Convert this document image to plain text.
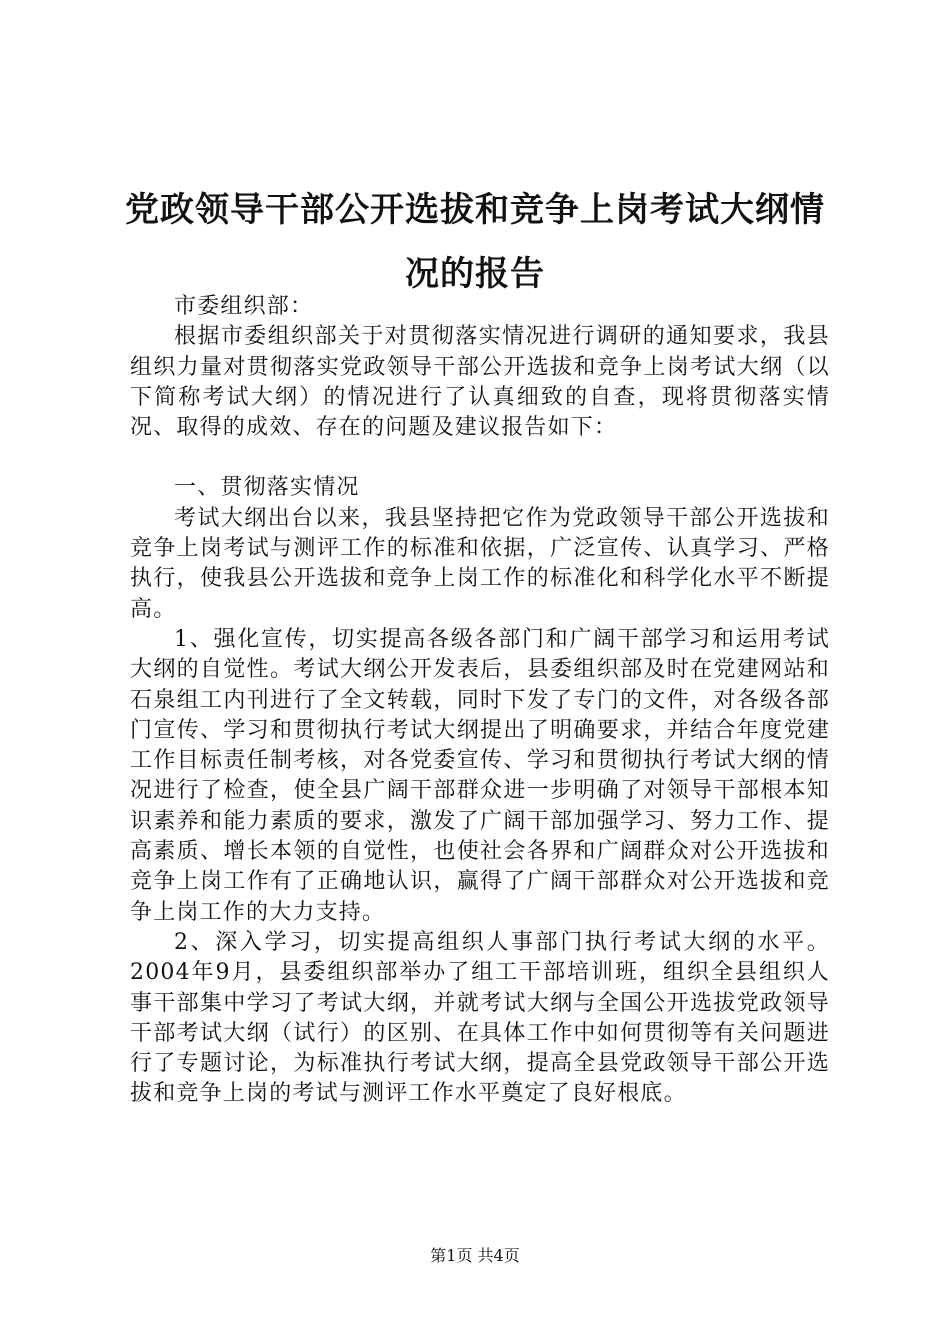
党政领导干部公开选拔和竞争上岗考试大纲情
况的报告

市委组织部：

根据市委组织部关于对贯彻落实情况进行调研的通知要求，我县组织力量对贯彻落实党政领导干部公开选拔和竞争上岗考试大纲（以下简称考试大纲）的情况进行了认真细致的自查，现将贯彻落实情况、取得的成效、存在的问题及建议报告如下：

一、贯彻落实情况

考试大纲出台以来，我县坚持把它作为党政领导干部公开选拔和竞争上岗考试与测评工作的标准和依据，广泛宣传、认真学习、严格执行，使我县公开选拔和竞争上岗工作的标准化和科学化水平不断提高。

1、强化宣传，切实提高各级各部门和广阔干部学习和运用考试大纲的自觉性。考试大纲公开发表后，县委组织部及时在党建网站和石泉组工内刊进行了全文转载，同时下发了专门的文件，对各级各部门宣传、学习和贯彻执行考试大纲提出了明确要求，并结合年度党建工作目标责任制考核，对各党委宣传、学习和贯彻执行考试大纲的情况进行了检查，使全县广阔干部群众进一步明确了对领导干部根本知识素养和能力素质的要求，激发了广阔干部加强学习、努力工作、提高素质、增长本领的自觉性，也使社会各界和广阔群众对公开选拔和竞争上岗工作有了正确地认识，赢得了广阔干部群众对公开选拔和竞争上岗工作的大力支持。

2、深入学习，切实提高组织人事部门执行考试大纲的水平。2004年9月，县委组织部举办了组工干部培训班，组织全县组织人事干部集中学习了考试大纲，并就考试大纲与全国公开选拔党政领导干部考试大纲（试行）的区别、在具体工作中如何贯彻等有关问题进行了专题讨论，为标准执行考试大纲，提高全县党政领导干部公开选拔和竞争上岗的考试与测评工作水平奠定了良好根底。

第1页 共4页
